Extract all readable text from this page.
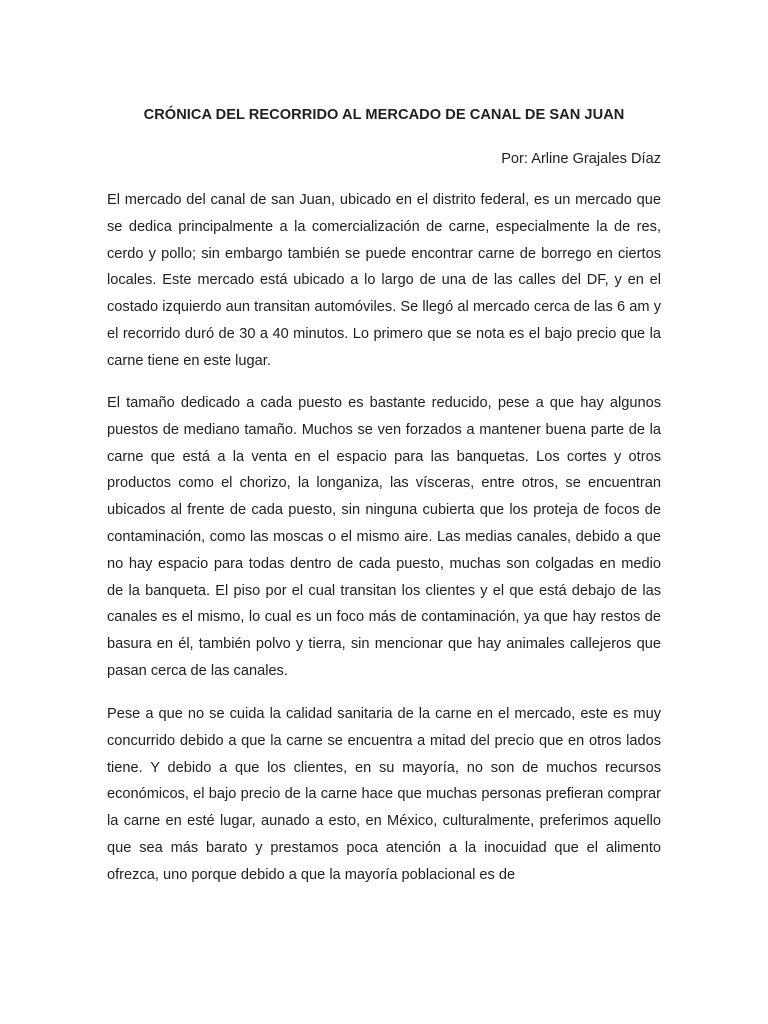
CRÓNICA DEL RECORRIDO AL MERCADO DE CANAL DE SAN JUAN
Por: Arline Grajales Díaz

El mercado del canal de san Juan, ubicado en el distrito federal, es un mercado que se dedica principalmente a la comercialización de carne, especialmente la de res, cerdo y pollo; sin embargo también se puede encontrar carne de borrego en ciertos locales. Este mercado está ubicado a lo largo de una de las calles del DF, y en el costado izquierdo aun transitan automóviles. Se llegó al mercado cerca de las 6 am y el recorrido duró de 30 a 40 minutos. Lo primero que se nota es el bajo precio que la carne tiene en este lugar.

El tamaño dedicado a cada puesto es bastante reducido, pese a que hay algunos puestos de mediano tamaño. Muchos se ven forzados a mantener buena parte de la carne que está a la venta en el espacio para las banquetas. Los cortes y otros productos como el chorizo, la longaniza, las vísceras, entre otros, se encuentran ubicados al frente de cada puesto, sin ninguna cubierta que los proteja de focos de contaminación, como las moscas o el mismo aire. Las medias canales, debido a que no hay espacio para todas dentro de cada puesto, muchas son colgadas en medio de la banqueta. El piso por el cual transitan los clientes y el que está debajo de las canales es el mismo, lo cual es un foco más de contaminación, ya que hay restos de basura en él, también polvo y tierra, sin mencionar que hay animales callejeros que pasan cerca de las canales.

Pese a que no se cuida la calidad sanitaria de la carne en el mercado, este es muy concurrido debido a que la carne se encuentra a mitad del precio que en otros lados tiene. Y debido a que los clientes, en su mayoría, no son de muchos recursos económicos, el bajo precio de la carne hace que muchas personas prefieran comprar la carne en esté lugar, aunado a esto, en México, culturalmente, preferimos aquello que sea más barato y prestamos poca atención a la inocuidad que el alimento ofrezca, uno porque debido a que la mayoría poblacional es de
